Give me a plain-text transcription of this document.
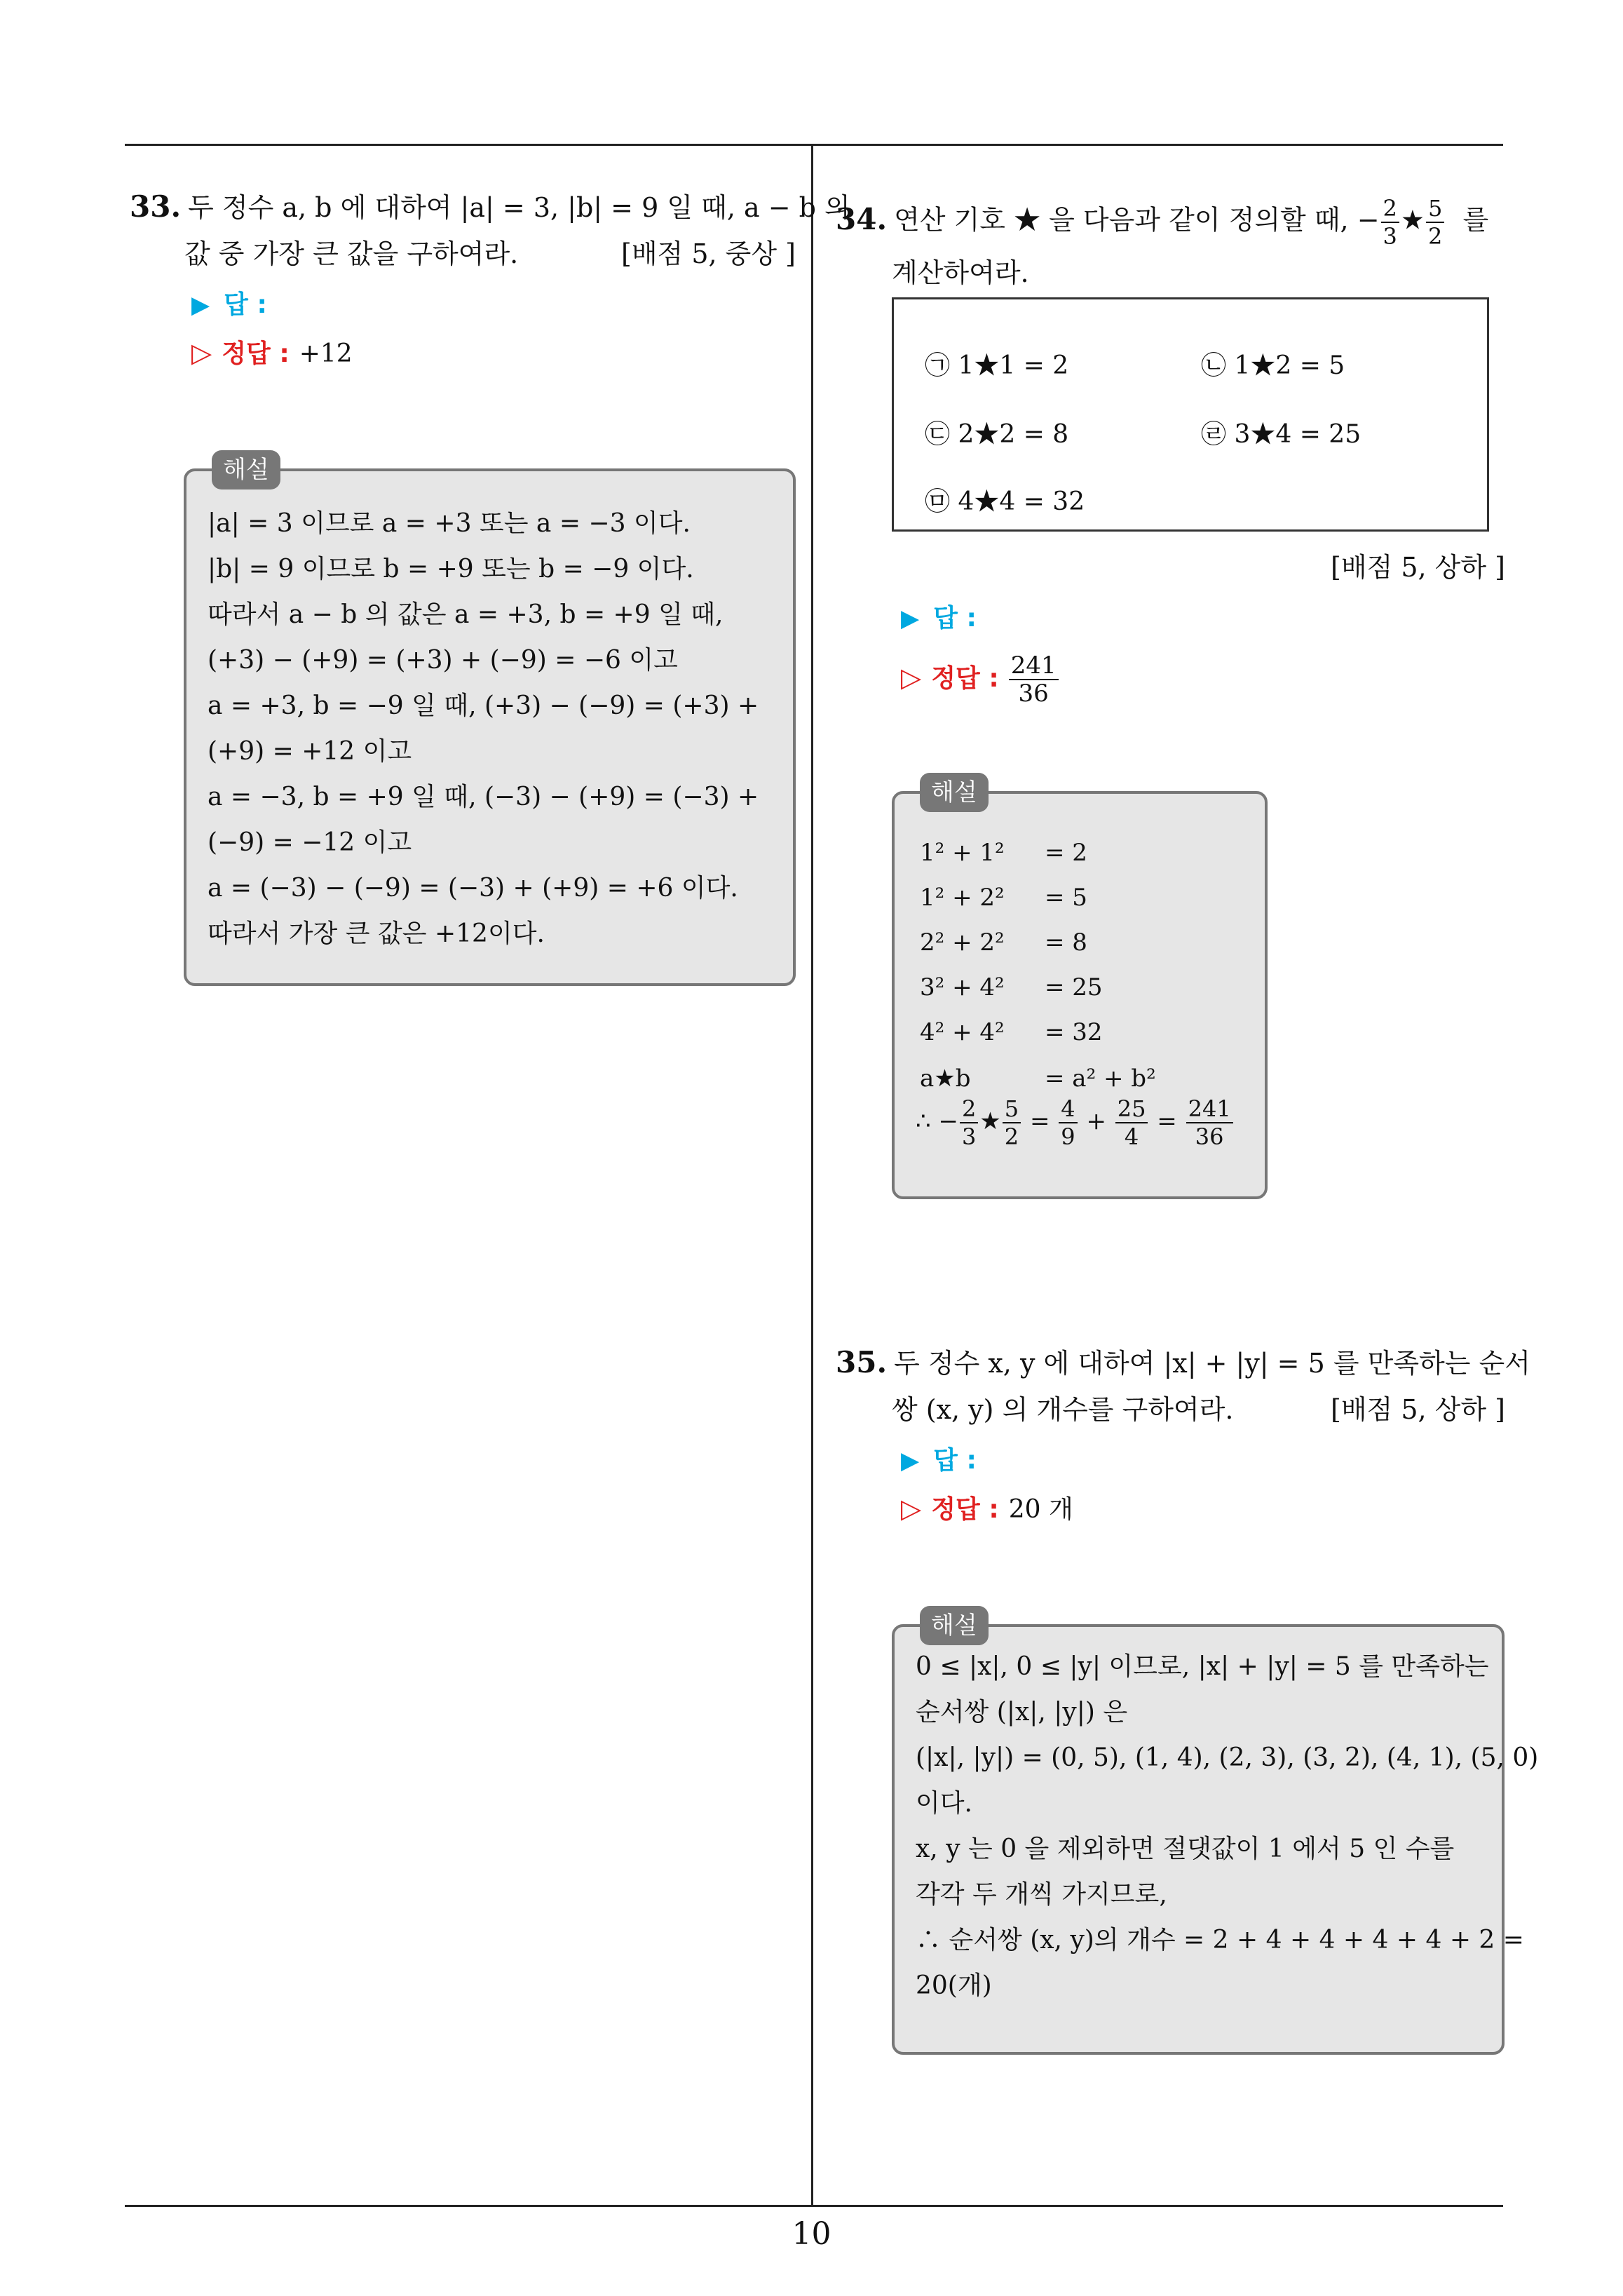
33. 두 정수 a, b 에 대하여 |a| = 3, |b| = 9 일 때, a − b 의
값 중 가장 큰 값을 구하여라.	[배점 5, 중상 ]
▶ 답 :
▷ 정답 : +12
해설
|a| = 3 이므로 a = +3 또는 a = −3 이다.
|b| = 9 이므로 b = +9 또는 b = −9 이다.
따라서 a − b 의 값은 a = +3, b = +9 일 때,
(+3) − (+9) = (+3) + (−9) = −6 이고
a = +3, b = −9 일 때, (+3) − (−9) = (+3) +
(+9) = +12 이고
a = −3, b = +9 일 때, (−3) − (+9) = (−3) +
(−9) = −12 이고
a = (−3) − (−9) = (−3) + (+9) = +6 이다.
따라서 가장 큰 값은 +12이다.
34. 연산 기호 ★ 을 다음과 같이 정의할 때, − $\frac{2}{3}$ ★ $\frac{5}{2}$ 를
계산하여라.
㉠ 1★1 = 2	㉡ 1★2 = 5
㉢ 2★2 = 8	㉣ 3★4 = 25
㉤ 4★4 = 32
[배점 5, 상하 ]
▶ 답 :
▷ 정답 : $\frac{241}{36}$
해설
1² + 1² = 2
1² + 2² = 5
2² + 2² = 8
3² + 4² = 25
4² + 4² = 32
a★b	= a² + b²
∴ − $\frac{2}{3}$ ★ $\frac{5}{2} = \frac{4}{9} + \frac{25}{4} = \frac{241}{36}$
35. 두 정수 x, y 에 대하여 |x| + |y| = 5 를 만족하는 순서
쌍 (x, y) 의 개수를 구하여라.	[배점 5, 상하 ]
▶ 답 :
▷ 정답 : 20 개
해설
0 ≤ |x|, 0 ≤ |y| 이므로, |x| + |y| = 5 를 만족하는
순서쌍 (|x|, |y|) 은
(|x|, |y|) = (0, 5), (1, 4), (2, 3), (3, 2), (4, 1), (5, 0)
이다.
x, y 는 0 을 제외하면 절댓값이 1 에서 5 인 수를
각각 두 개씩 가지므로,
∴ 순서쌍 (x, y)의 개수 = 2 + 4 + 4 + 4 + 4 + 2 =
20(개)
10
